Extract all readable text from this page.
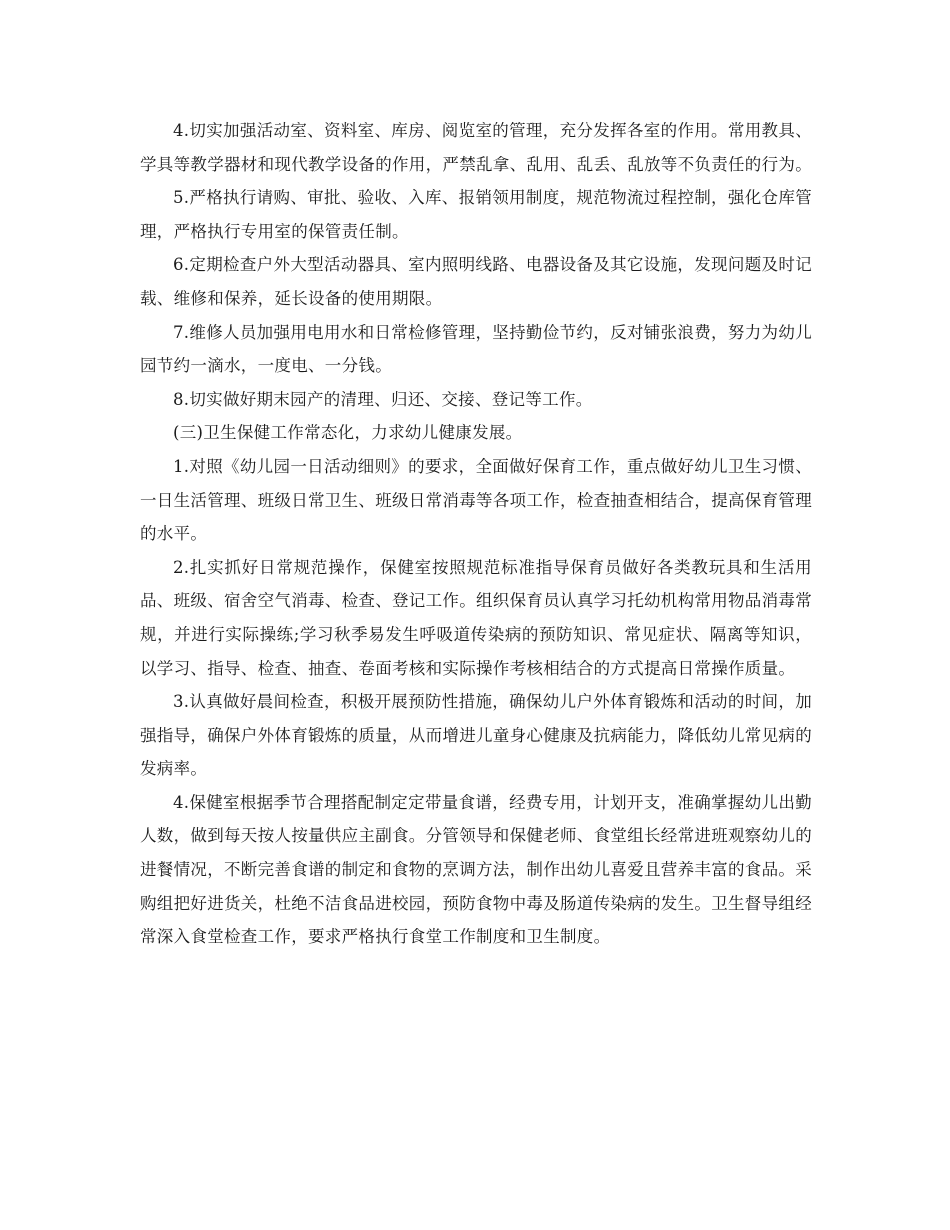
4.切实加强活动室、资料室、库房、阅览室的管理，充分发挥各室的作用。常用教具、学具等教学器材和现代教学设备的作用，严禁乱拿、乱用、乱丢、乱放等不负责任的行为。

5.严格执行请购、审批、验收、入库、报销领用制度，规范物流过程控制，强化仓库管理，严格执行专用室的保管责任制。

6.定期检查户外大型活动器具、室内照明线路、电器设备及其它设施，发现问题及时记载、维修和保养，延长设备的使用期限。

7.维修人员加强用电用水和日常检修管理，坚持勤俭节约，反对铺张浪费，努力为幼儿园节约一滴水，一度电、一分钱。

8.切实做好期末园产的清理、归还、交接、登记等工作。

(三)卫生保健工作常态化，力求幼儿健康发展。

1.对照《幼儿园一日活动细则》的要求，全面做好保育工作，重点做好幼儿卫生习惯、一日生活管理、班级日常卫生、班级日常消毒等各项工作，检查抽查相结合，提高保育管理的水平。

2.扎实抓好日常规范操作，保健室按照规范标准指导保育员做好各类教玩具和生活用品、班级、宿舍空气消毒、检查、登记工作。组织保育员认真学习托幼机构常用物品消毒常规，并进行实际操练;学习秋季易发生呼吸道传染病的预防知识、常见症状、隔离等知识，以学习、指导、检查、抽查、卷面考核和实际操作考核相结合的方式提高日常操作质量。

3.认真做好晨间检查，积极开展预防性措施，确保幼儿户外体育锻炼和活动的时间，加强指导，确保户外体育锻炼的质量，从而增进儿童身心健康及抗病能力，降低幼儿常见病的发病率。

4.保健室根据季节合理搭配制定定带量食谱，经费专用，计划开支，准确掌握幼儿出勤人数，做到每天按人按量供应主副食。分管领导和保健老师、食堂组长经常进班观察幼儿的进餐情况，不断完善食谱的制定和食物的烹调方法，制作出幼儿喜爱且营养丰富的食品。采购组把好进货关，杜绝不洁食品进校园，预防食物中毒及肠道传染病的发生。卫生督导组经常深入食堂检查工作，要求严格执行食堂工作制度和卫生制度。
